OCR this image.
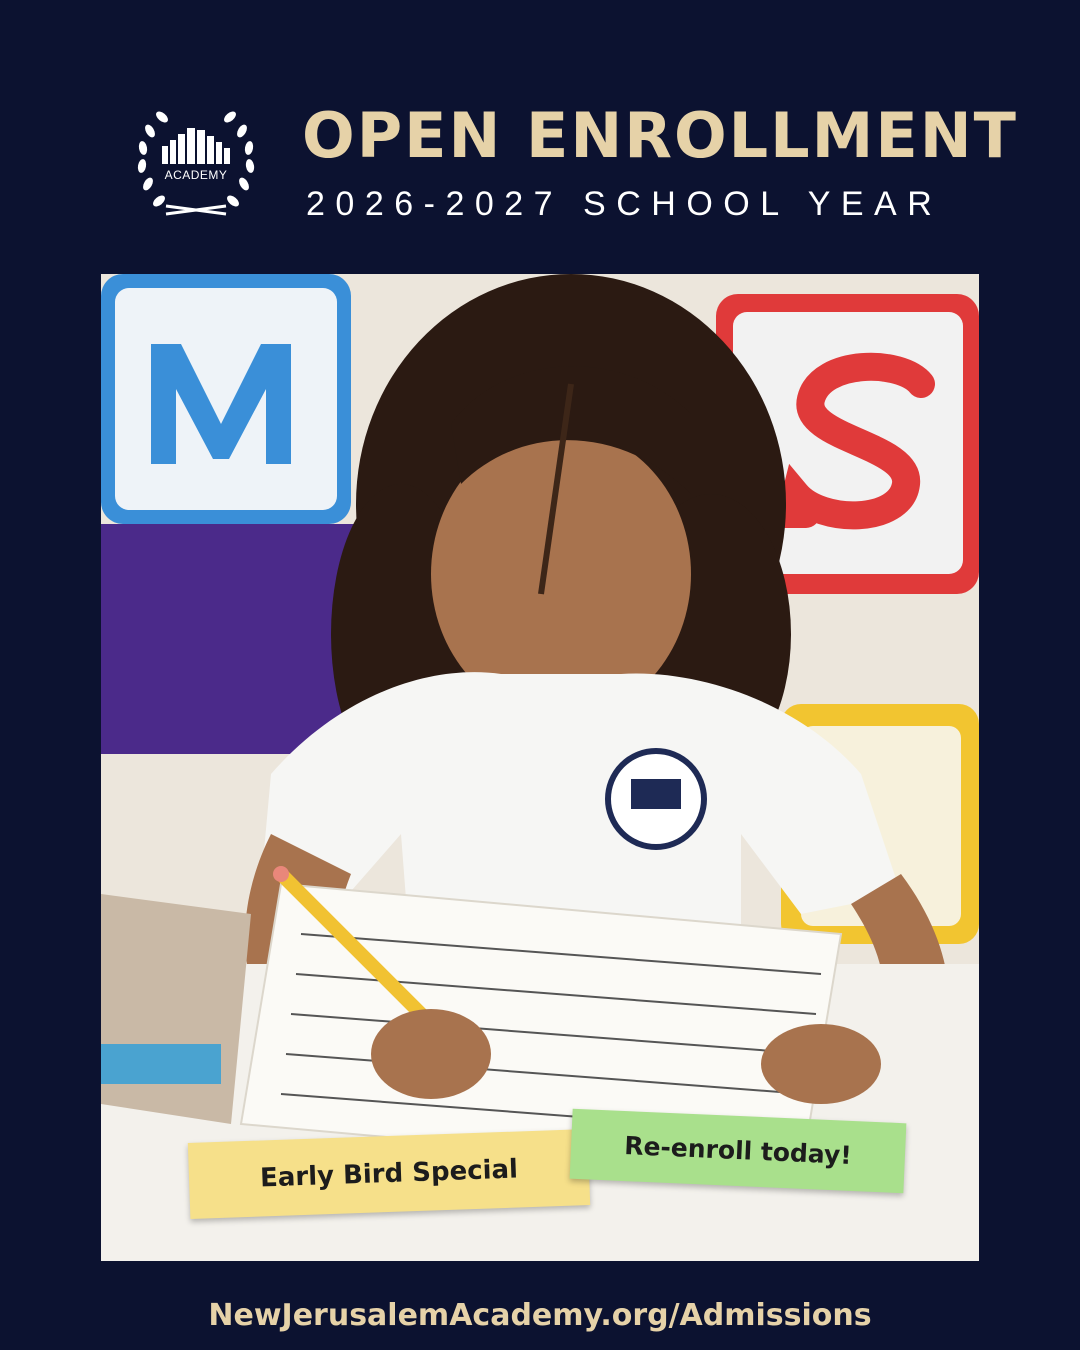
ACADEMY
OPEN ENROLLMENT
2026-2027 SCHOOL YEAR
Early Bird Special
Re-enroll today!
NewJerusalemAcademy.org/Admissions
